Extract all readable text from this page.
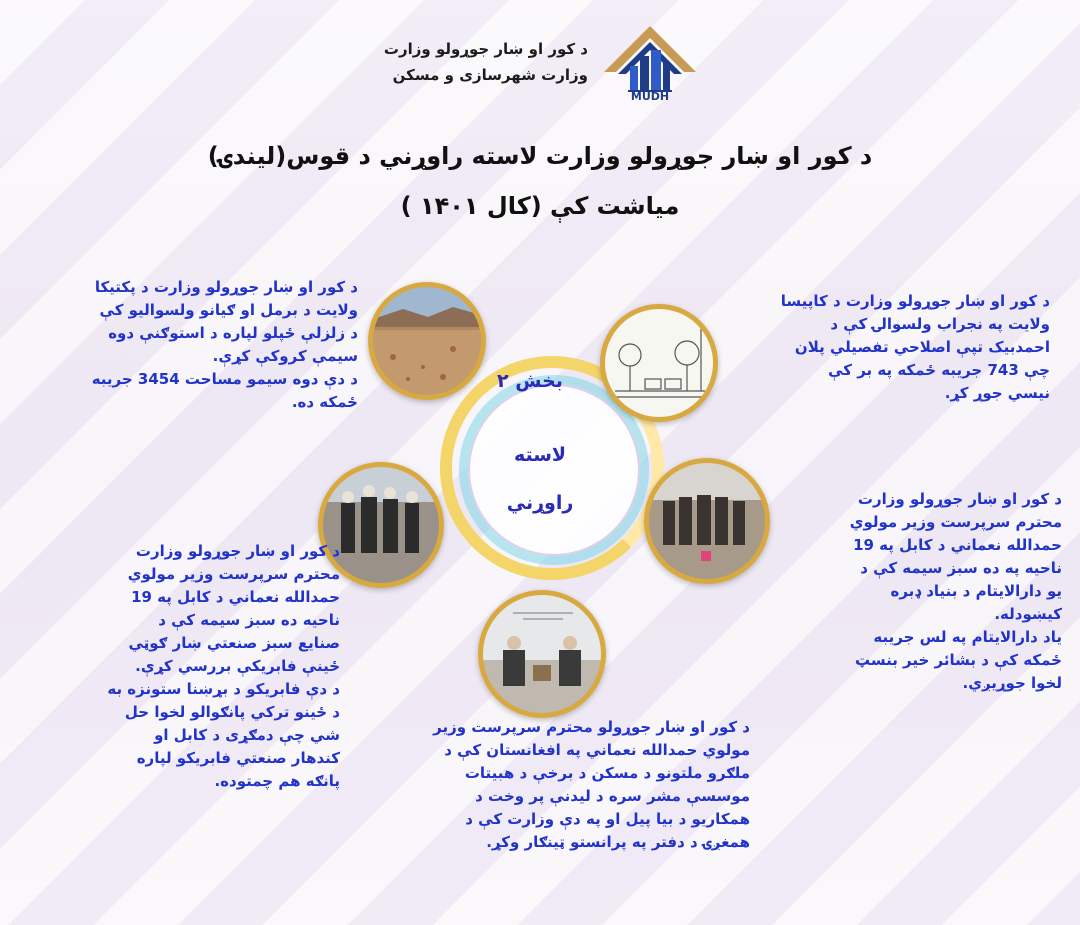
MUDH
د کور او ښار جوړولو وزارت
وزارت شهرسازی و مسکن
د کور او ښار جوړولو وزارت لاسته راوړني د قوس(لیندۍ)
میاشت کې (کال ۱۴۰۱ )
بخش ۲
لاسته
راوړني

د کور او ښار جوړولو وزارت د پکتیکا

ولایت د برمل او ګیانو ولسوالیو کې

د زلزلې ځپلو لپاره د استوګنې دوه

سیمې کروکې کړې.

د دې دوه سیمو مساحت 3454 جریبه

ځمکه ده.

د کور او ښار جوړولو وزارت د کاپیسا

ولایت په نجراب ولسوالۍ کې د

احمدبیک تپې اصلاحي تفصیلي پلان

چې 743 جریبه ځمکه په بر کې

نیسي جوړ کړ.

د کور او ښار جوړولو وزارت

محترم سرپرست وزیر مولوي

حمدالله نعماني د کابل په 19

ناحیه ده سبز سیمه کې د

صنایع سبز صنعتي ښار ګوټي

ځینې فابریکې بررسي کړې.

د دې فابریکو د بړښنا ستونزه به

د ځینو ترکي پانګوالو لخوا حل

شي چې دمګړی د کابل او

کندهار صنعتي فابریکو لپاره

پانګه هم چمتوده.

د کور او ښار جوړولو وزارت

محترم سرپرست وزیر مولوي

حمدالله نعماني د کابل په 19

ناحیه په ده سبز سیمه کې د

یو دارالایتام د بنیاد ډبره

کیښودله.

یاد دارالایتام په لس جریبه

ځمکه کې د بشائر خیر بنسټ

لخوا جوړیږي.

د کور او ښار جوړولو محترم سرپرست وزیر

مولوي حمدالله نعماني په افغانستان کې د

ملګرو ملتونو د مسکن د برخې د هبیتات

موسسې مشر سره د لیدنې پر وخت د

همکاریو د بیا پیل او په دې وزارت کې د

همغږۍ د دفتر په پرانستو ټینګار وکړ.
